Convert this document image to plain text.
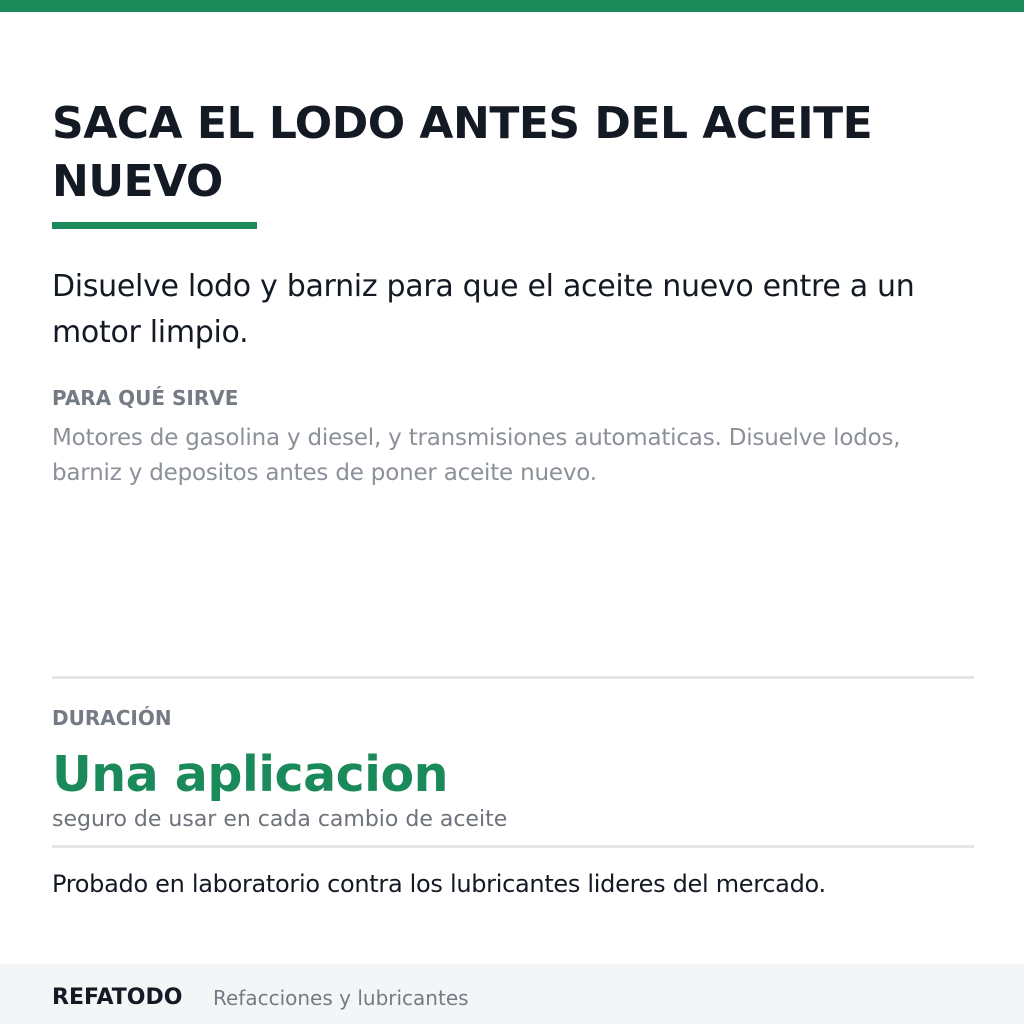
SACA EL LODO ANTES DEL ACEITE NUEVO

Disuelve lodo y barniz para que el aceite nuevo entre a un motor limpio.

PARA QUÉ SIRVE

Motores de gasolina y diesel, y transmisiones automaticas. Disuelve lodos, barniz y depositos antes de poner aceite nuevo.

DURACIÓN
Una aplicacion
seguro de usar en cada cambio de aceite

Probado en laboratorio contra los lubricantes lideres del mercado.

REFATODO Refacciones y lubricantes
